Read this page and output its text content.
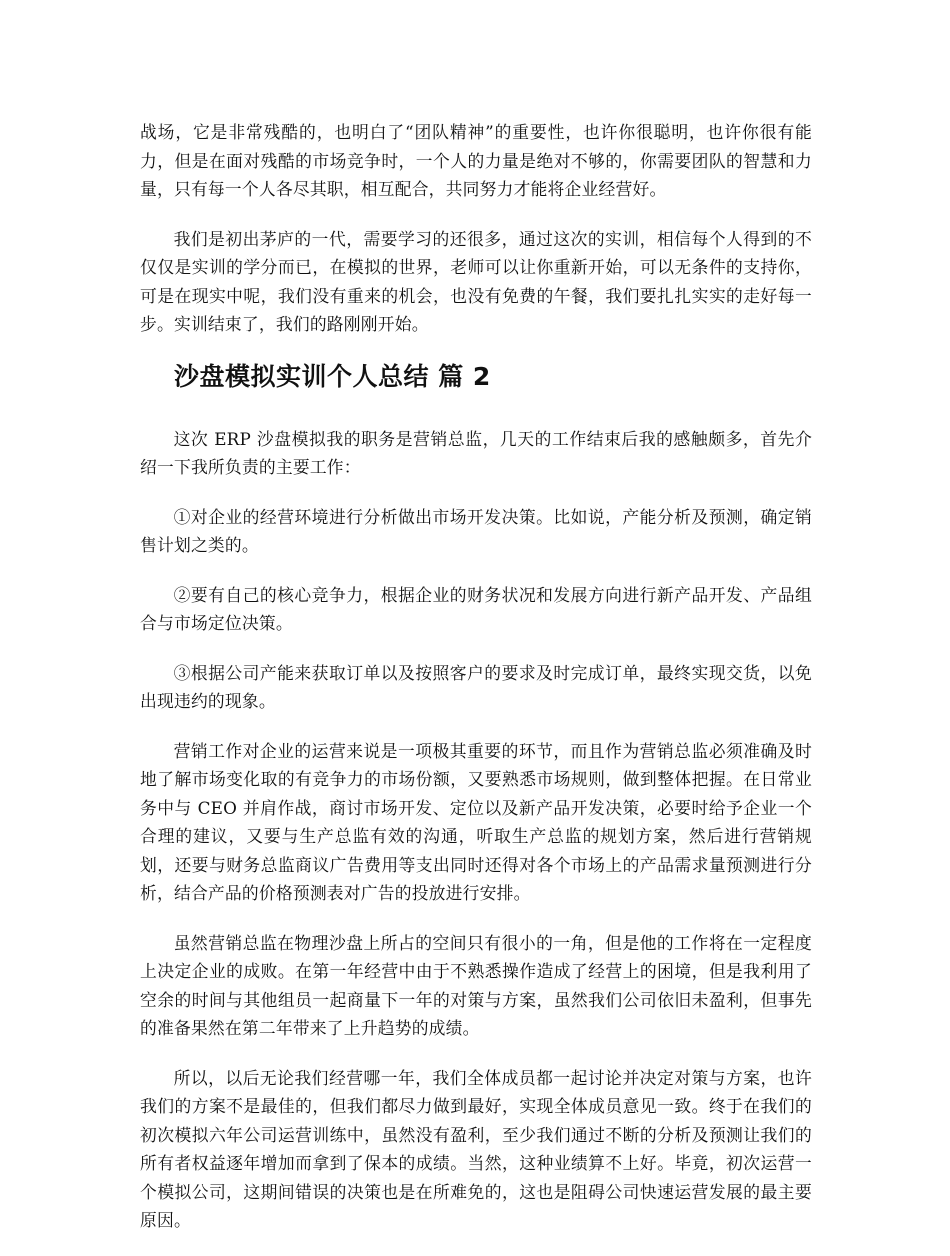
战场，它是非常残酷的，也明白了“团队精神”的重要性，也许你很聪明，也许你很有能力，但是在面对残酷的市场竞争时，一个人的力量是绝对不够的，你需要团队的智慧和力量，只有每一个人各尽其职，相互配合，共同努力才能将企业经营好。

我们是初出茅庐的一代，需要学习的还很多，通过这次的实训，相信每个人得到的不仅仅是实训的学分而已，在模拟的世界，老师可以让你重新开始，可以无条件的支持你，可是在现实中呢，我们没有重来的机会，也没有免费的午餐，我们要扎扎实实的走好每一步。实训结束了，我们的路刚刚开始。

沙盘模拟实训个人总结 篇 2

这次 ERP 沙盘模拟我的职务是营销总监，几天的工作结束后我的感触颇多，首先介绍一下我所负责的主要工作：

①对企业的经营环境进行分析做出市场开发决策。比如说，产能分析及预测，确定销售计划之类的。

②要有自己的核心竞争力，根据企业的财务状况和发展方向进行新产品开发、产品组合与市场定位决策。

③根据公司产能来获取订单以及按照客户的要求及时完成订单，最终实现交货，以免出现违约的现象。

营销工作对企业的运营来说是一项极其重要的环节，而且作为营销总监必须准确及时地了解市场变化取的有竞争力的市场份额，又要熟悉市场规则，做到整体把握。在日常业务中与 CEO 并肩作战，商讨市场开发、定位以及新产品开发决策，必要时给予企业一个合理的建议，又要与生产总监有效的沟通，听取生产总监的规划方案，然后进行营销规划，还要与财务总监商议广告费用等支出同时还得对各个市场上的产品需求量预测进行分析，结合产品的价格预测表对广告的投放进行安排。

虽然营销总监在物理沙盘上所占的空间只有很小的一角，但是他的工作将在一定程度上决定企业的成败。在第一年经营中由于不熟悉操作造成了经营上的困境，但是我利用了空余的时间与其他组员一起商量下一年的对策与方案，虽然我们公司依旧未盈利，但事先的准备果然在第二年带来了上升趋势的成绩。

所以，以后无论我们经营哪一年，我们全体成员都一起讨论并决定对策与方案，也许我们的方案不是最佳的，但我们都尽力做到最好，实现全体成员意见一致。终于在我们的初次模拟六年公司运营训练中，虽然没有盈利，至少我们通过不断的分析及预测让我们的所有者权益逐年增加而拿到了保本的成绩。当然，这种业绩算不上好。毕竟，初次运营一个模拟公司，这期间错误的决策也是在所难免的，这也是阻碍公司快速运营发展的最主要原因。
